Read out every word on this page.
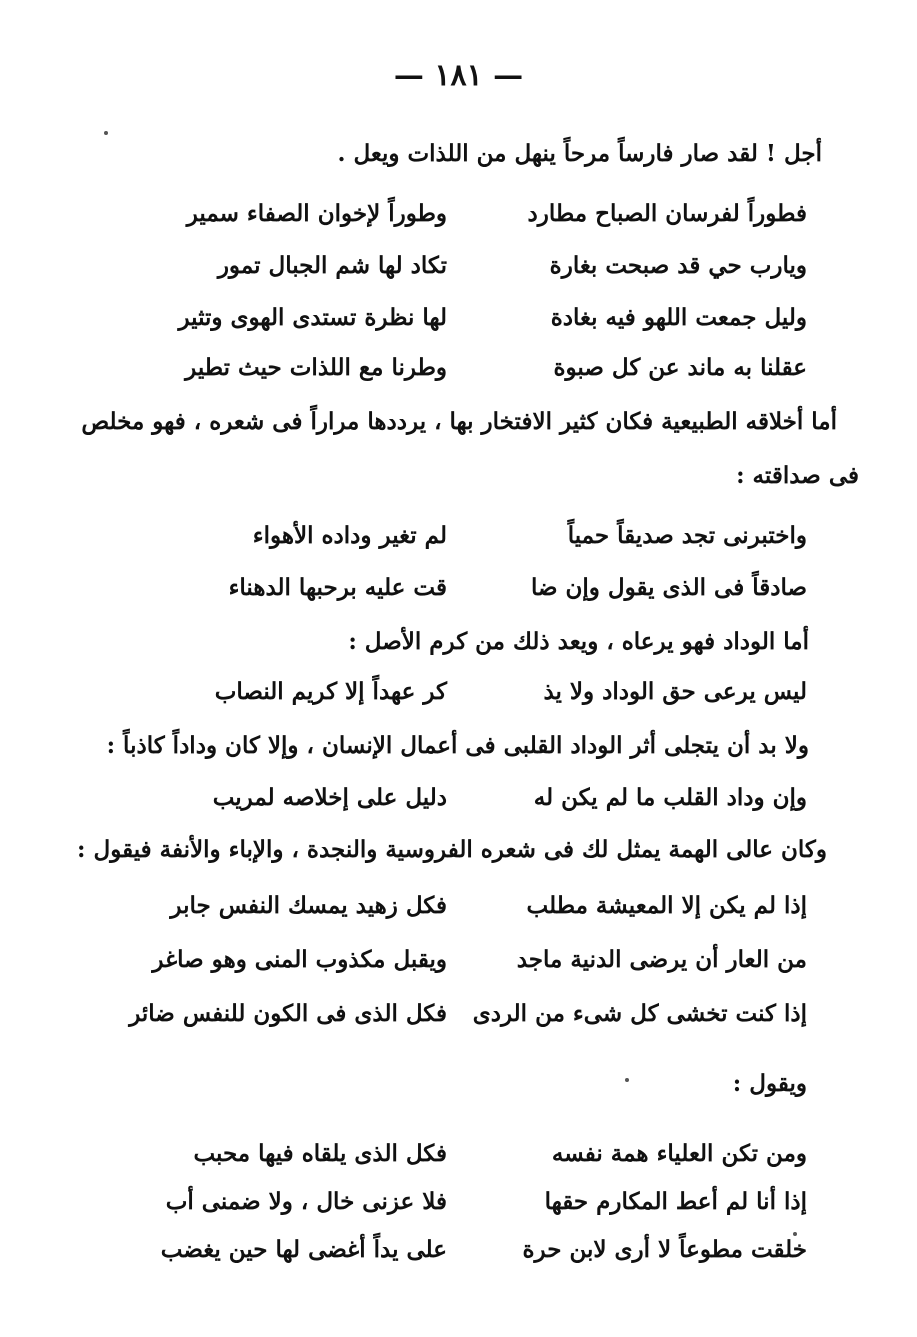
— ١٨١ —
أجل ! لقد صار فارساً مرحاً ينهل من اللذات ويعل .
فطوراً لفرسان الصباح مطارد
وطوراً لإخوان الصفاء سمير
ويارب حي قد صبحت بغارة
تكاد لها شم الجبال تمور
وليل جمعت اللهو فيه بغادة
لها نظرة تستدى الهوى وتثير
عقلنا به ماند عن كل صبوة
وطرنا مع اللذات حيث تطير
أما أخلاقه الطبيعية فكان كثير الافتخار بها ، يرددها مراراً فى شعره ، فهو مخلص
فى صداقته :
واختبرنى تجد صديقاً حمياً
لم تغير وداده الأهواء
صادقاً فى الذى يقول وإن ضا
قت عليه برحبها الدهناء
أما الوداد فهو يرعاه ، ويعد ذلك من كرم الأصل :
ليس يرعى حق الوداد ولا يذ
كر عهداً إلا كريم النصاب
ولا بد أن يتجلى أثر الوداد القلبى فى أعمال الإنسان ، وإلا كان وداداً كاذباً :
وإن وداد القلب ما لم يكن له
دليل على إخلاصه لمريب
وكان عالى الهمة يمثل لك فى شعره الفروسية والنجدة ، والإباء والأنفة فيقول :
إذا لم يكن إلا المعيشة مطلب
فكل زهيد يمسك النفس جابر
من العار أن يرضى الدنية ماجد
ويقبل مكذوب المنى وهو صاغر
إذا كنت تخشى كل شىء من الردى
فكل الذى فى الكون للنفس ضائر
ويقول :
ومن تكن العلياء همة نفسه
فكل الذى يلقاه فيها محبب
إذا أنا لم أعط المكارم حقها
فلا عزنى خال ، ولا ضمنى أب
خلقت مطوعاً لا أرى لابن حرة
على يداً أغضى لها حين يغضب
